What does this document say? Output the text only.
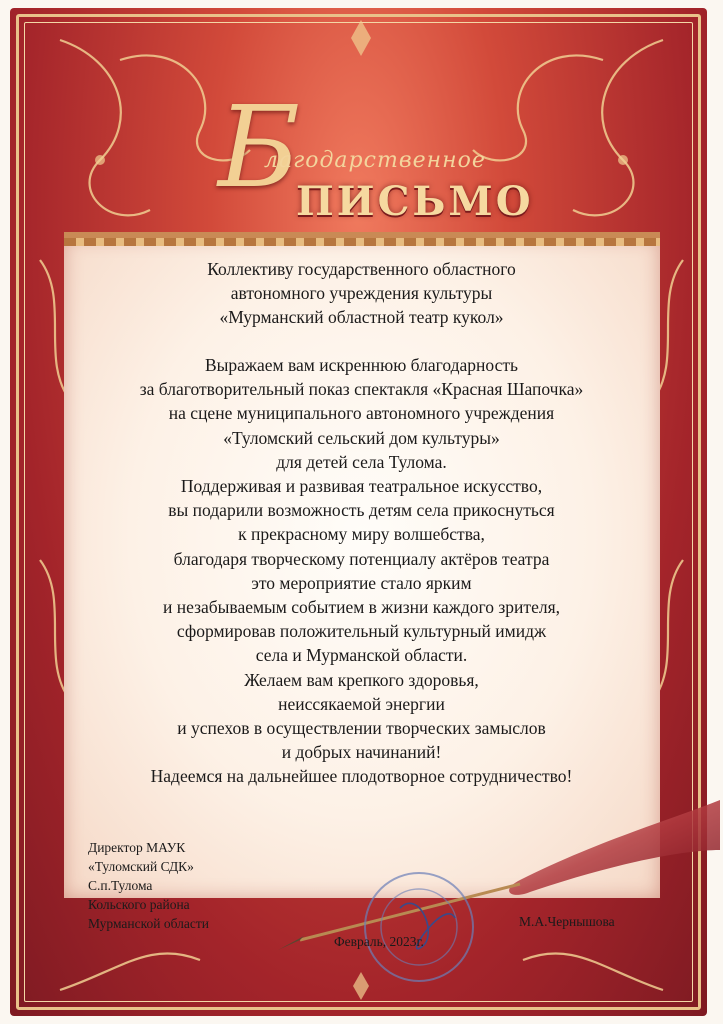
Б
лагодарственное
ПИСЬМО
Коллективу государственного областного
автономного учреждения культуры
«Мурманский областной театр кукол»
Выражаем вам искреннюю благодарность
за благотворительный показ спектакля «Красная Шапочка»
на сцене муниципального автономного учреждения
«Туломский сельский дом культуры»
для детей села Тулома.
Поддерживая и развивая театральное искусство,
вы подарили возможность детям села прикоснуться
к прекрасному миру волшебства,
благодаря творческому потенциалу актёров театра
это мероприятие стало ярким
и незабываемым событием в жизни каждого зрителя,
сформировав положительный культурный имидж
села и Мурманской области.
Желаем вам крепкого здоровья,
неиссякаемой энергии
и успехов в осуществлении творческих замыслов
и добрых начинаний!
Надеемся на дальнейшее плодотворное сотрудничество!
Директор МАУК
«Туломский СДК»
С.п.Тулома
Кольского района
Мурманской области	М.А.Чернышова
Февраль, 2023г.
